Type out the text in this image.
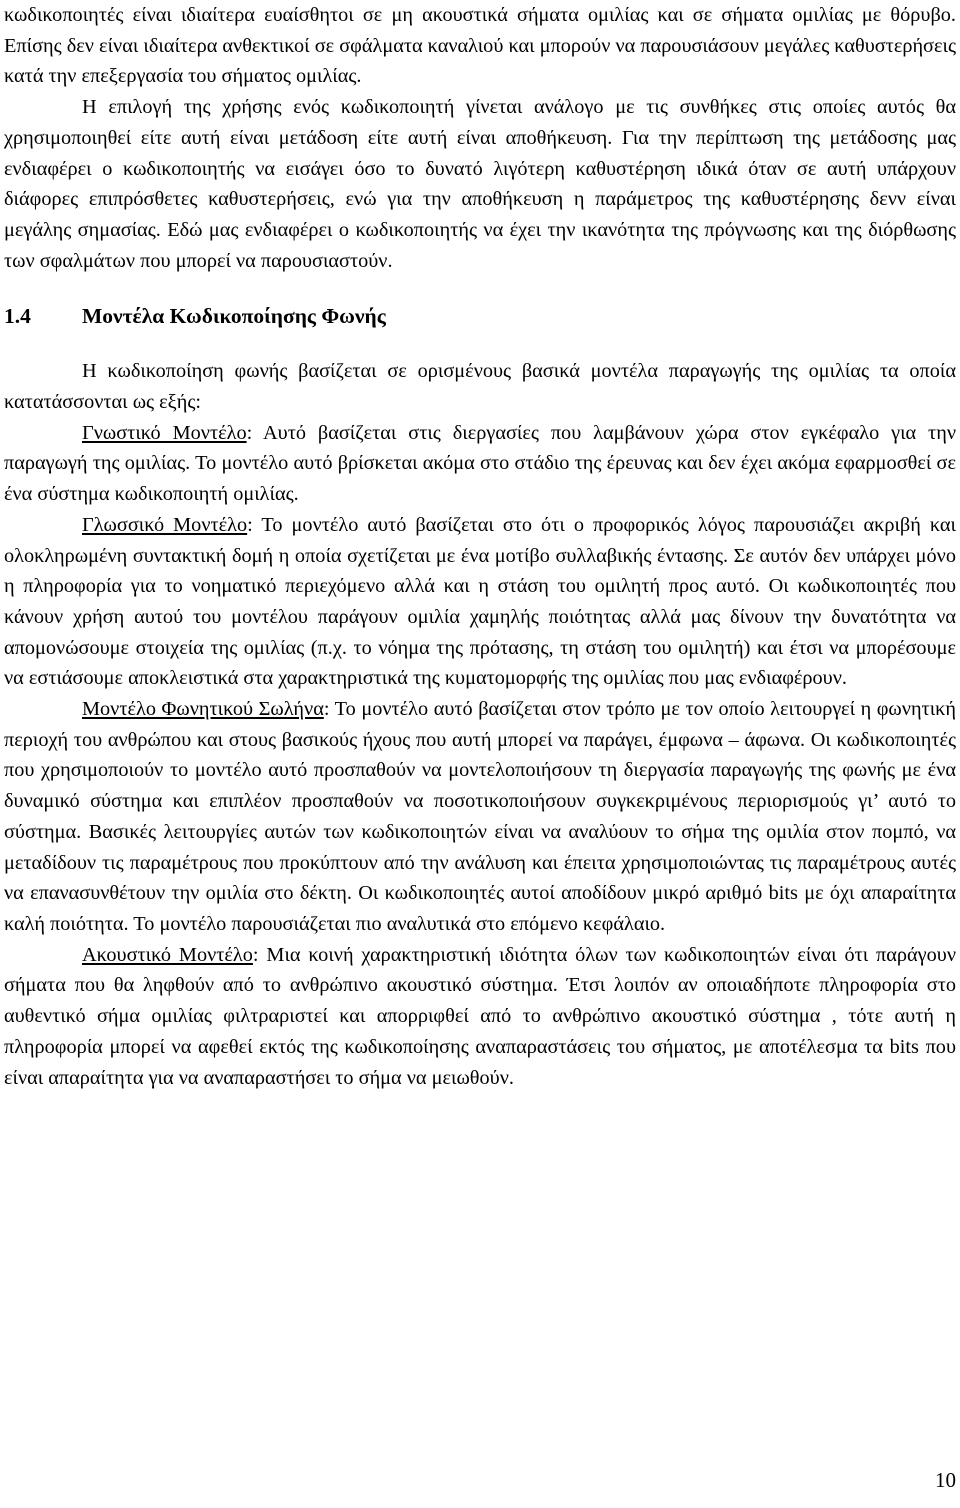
κωδικοποιητές είναι ιδιαίτερα ευαίσθητοι σε μη ακουστικά σήματα ομιλίας και σε σήματα ομιλίας με θόρυβο. Επίσης δεν είναι ιδιαίτερα ανθεκτικοί σε σφάλματα καναλιού και μπορούν να παρουσιάσουν μεγάλες καθυστερήσεις κατά την επεξεργασία του σήματος ομιλίας.

Η επιλογή της χρήσης ενός κωδικοποιητή γίνεται ανάλογο με τις συνθήκες στις οποίες αυτός θα χρησιμοποιηθεί είτε αυτή είναι μετάδοση είτε αυτή είναι αποθήκευση. Για την περίπτωση της μετάδοσης μας ενδιαφέρει ο κωδικοποιητής να εισάγει όσο το δυνατό λιγότερη καθυστέρηση ιδικά όταν σε αυτή υπάρχουν διάφορες επιπρόσθετες καθυστερήσεις, ενώ για την αποθήκευση η παράμετρος της καθυστέρησης δενν είναι μεγάλης σημασίας. Εδώ μας ενδιαφέρει ο κωδικοποιητής να έχει την ικανότητα της πρόγνωσης και της διόρθωσης των σφαλμάτων που μπορεί να παρουσιαστούν.

1.4	Μοντέλα Κωδικοποίησης Φωνής

Η κωδικοποίηση φωνής βασίζεται σε ορισμένους βασικά μοντέλα παραγωγής της ομιλίας τα οποία κατατάσσονται ως εξής:

Γνωστικό Μοντέλο: Αυτό βασίζεται στις διεργασίες που λαμβάνουν χώρα στον εγκέφαλο για την παραγωγή της ομιλίας. Το μοντέλο αυτό βρίσκεται ακόμα στο στάδιο της έρευνας και δεν έχει ακόμα εφαρμοσθεί σε ένα σύστημα κωδικοποιητή ομιλίας.

Γλωσσικό Μοντέλο: Το μοντέλο αυτό βασίζεται στο ότι ο προφορικός λόγος παρουσιάζει ακριβή και ολοκληρωμένη συντακτική δομή η οποία σχετίζεται με ένα μοτίβο συλλαβικής έντασης. Σε αυτόν δεν υπάρχει μόνο η πληροφορία για το νοηματικό περιεχόμενο αλλά και η στάση του ομιλητή προς αυτό. Οι κωδικοποιητές που κάνουν χρήση αυτού του μοντέλου παράγουν ομιλία χαμηλής ποιότητας αλλά μας δίνουν την δυνατότητα να απομονώσουμε στοιχεία της ομιλίας (π.χ. το νόημα της πρότασης, τη στάση του ομιλητή) και έτσι να μπορέσουμε να εστιάσουμε αποκλειστικά στα χαρακτηριστικά της κυματομορφής της ομιλίας που μας ενδιαφέρουν.

Μοντέλο Φωνητικού Σωλήνα: Το μοντέλο αυτό βασίζεται στον τρόπο με τον οποίο λειτουργεί η φωνητική περιοχή του ανθρώπου και στους βασικούς ήχους που αυτή μπορεί να παράγει, έμφωνα – άφωνα. Οι κωδικοποιητές που χρησιμοποιούν το μοντέλο αυτό προσπαθούν να μοντελοποιήσουν τη διεργασία παραγωγής της φωνής με ένα δυναμικό σύστημα και επιπλέον προσπαθούν να ποσοτικοποιήσουν συγκεκριμένους περιορισμούς γι’ αυτό το σύστημα. Βασικές λειτουργίες αυτών των κωδικοποιητών είναι να αναλύουν το σήμα της ομιλία στον πομπό, να μεταδίδουν τις παραμέτρους που προκύπτουν από την ανάλυση και έπειτα χρησιμοποιώντας τις παραμέτρους αυτές να επανασυνθέτουν την ομιλία στο δέκτη. Οι κωδικοποιητές αυτοί αποδίδουν μικρό αριθμό bits με όχι απαραίτητα καλή ποιότητα. Το μοντέλο παρουσιάζεται πιο αναλυτικά στο επόμενο κεφάλαιο.

Ακουστικό Μοντέλο: Μια κοινή χαρακτηριστική ιδιότητα όλων των κωδικοποιητών είναι ότι παράγουν σήματα που θα ληφθούν από το ανθρώπινο ακουστικό σύστημα. Έτσι λοιπόν αν οποιαδήποτε πληροφορία στο αυθεντικό σήμα ομιλίας φιλτραριστεί και απορριφθεί από το ανθρώπινο ακουστικό σύστημα , τότε αυτή η πληροφορία μπορεί να αφεθεί εκτός της κωδικοποίησης αναπαραστάσεις του σήματος, με αποτέλεσμα τα bits που είναι απαραίτητα για να αναπαραστήσει το σήμα να μειωθούν.

10
